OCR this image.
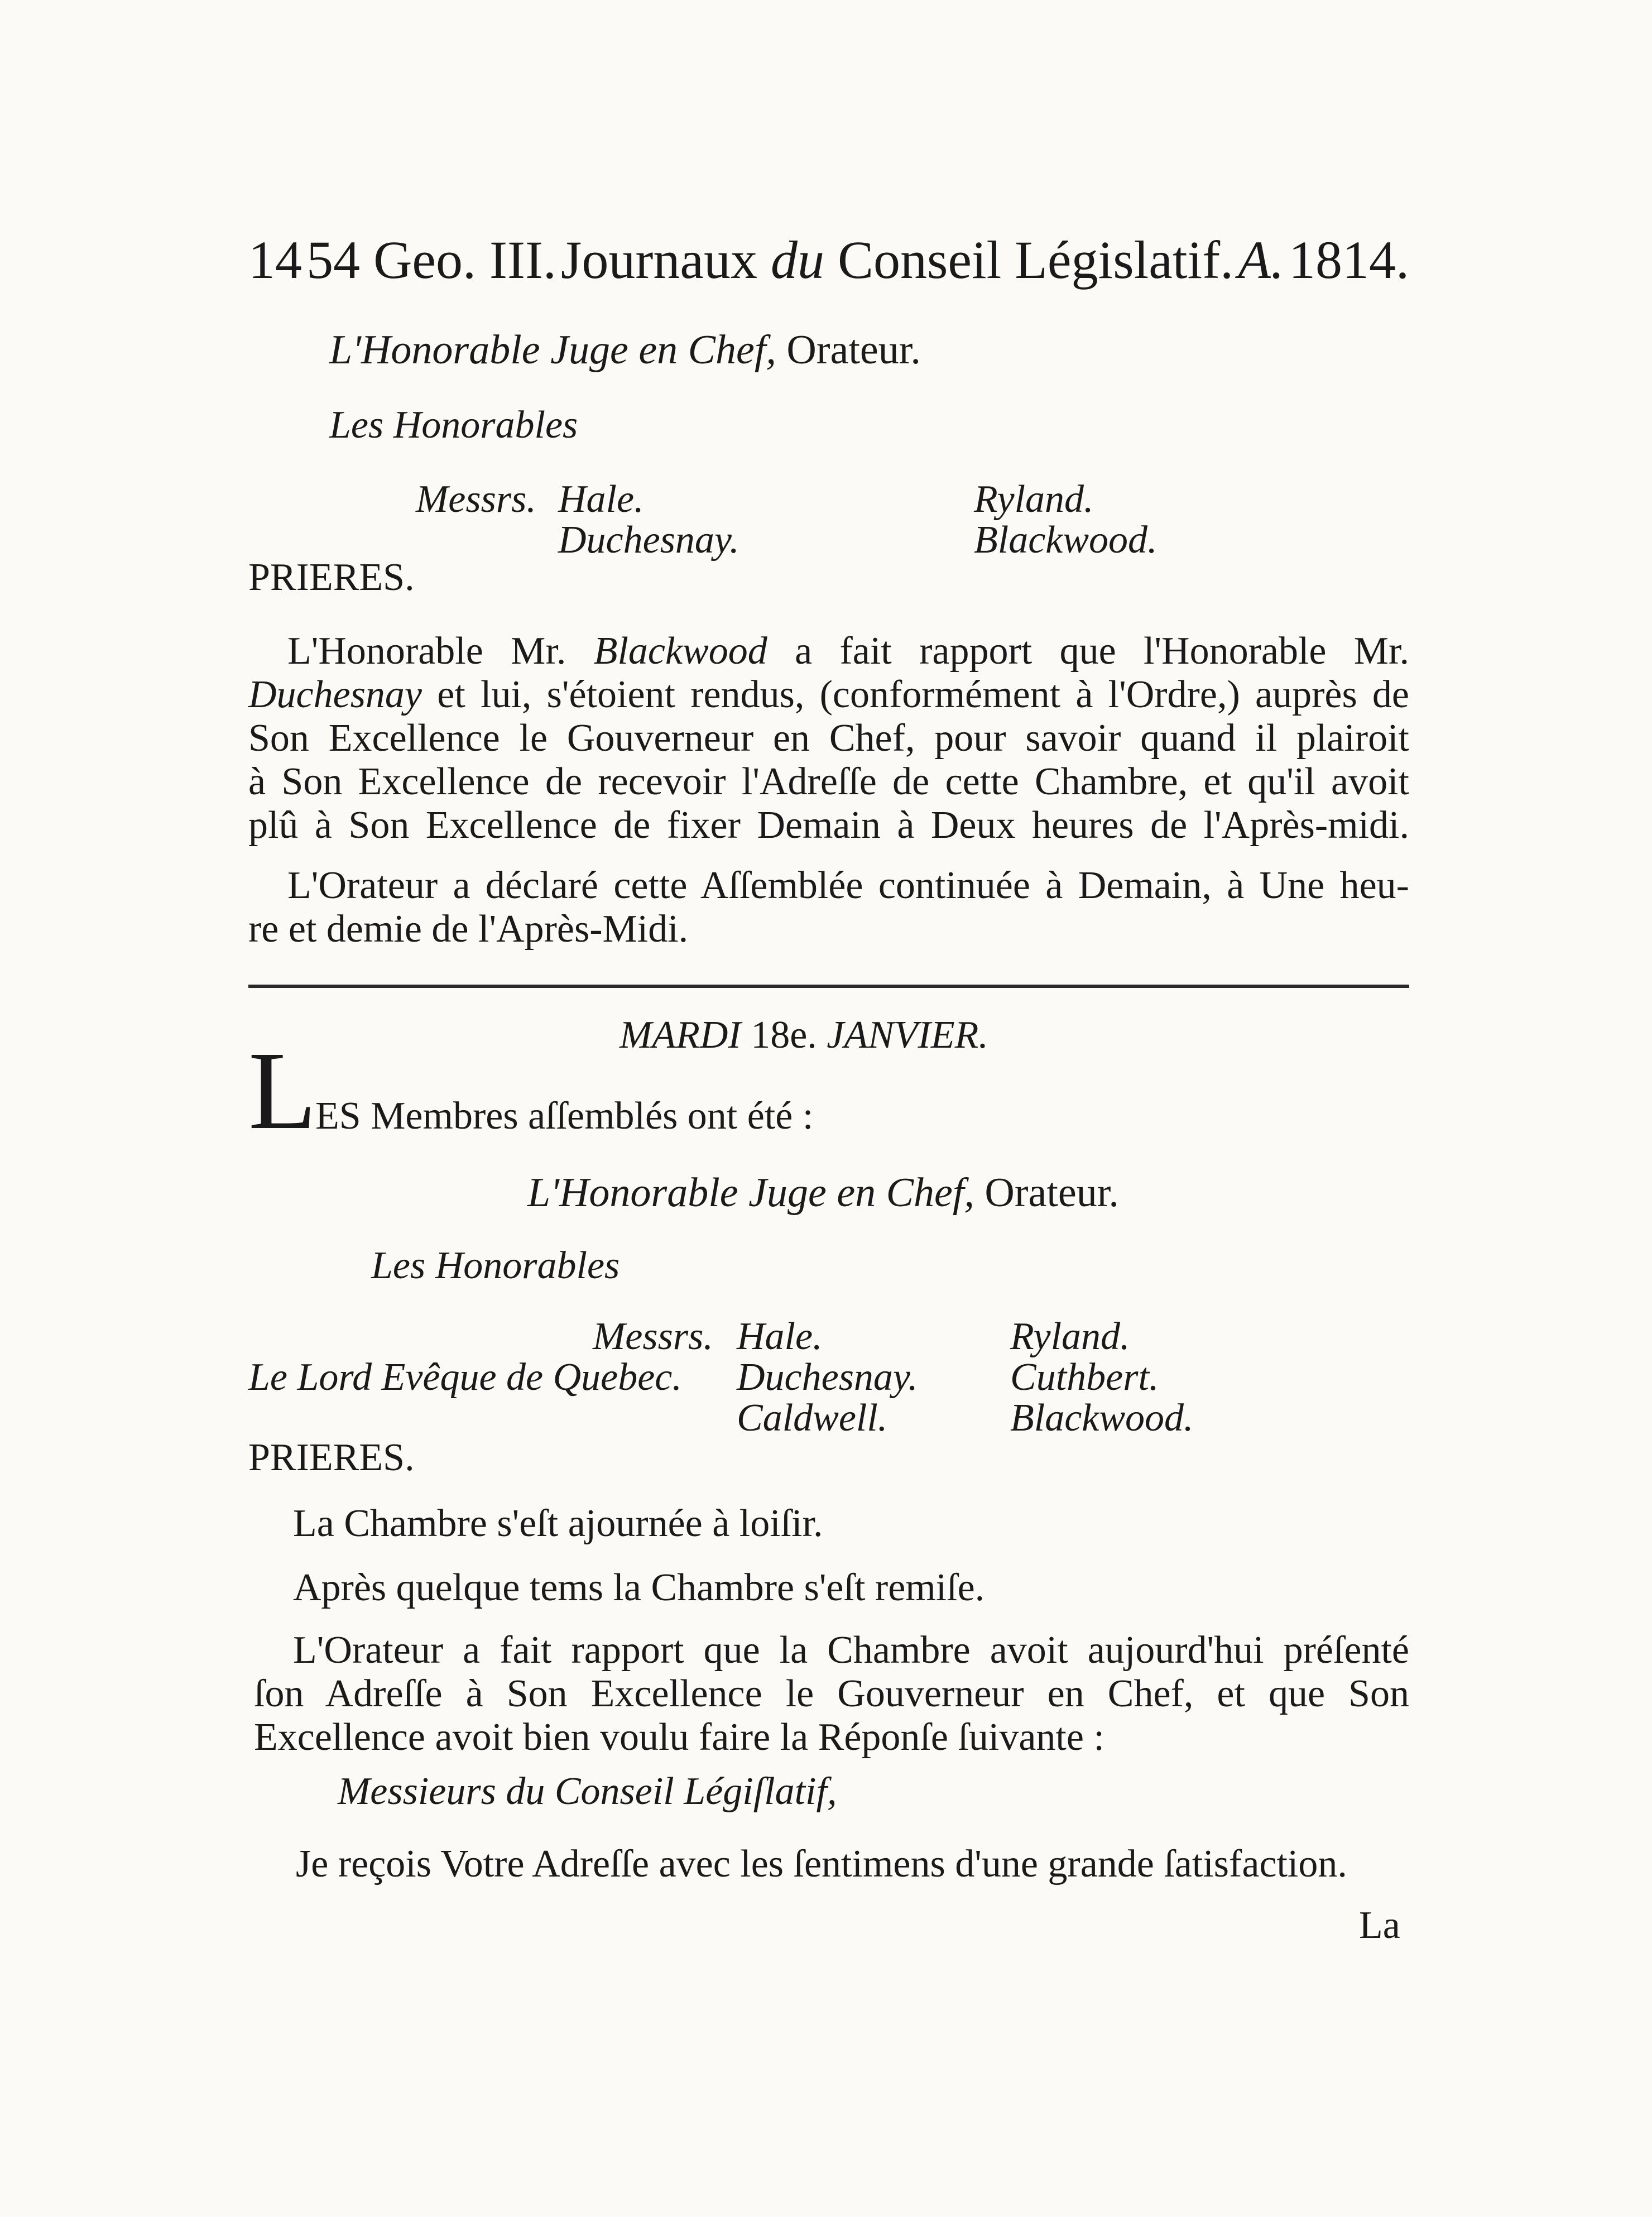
14 54 Geo. III. Journaux du Conseil Législatif. A. 1814.
L'Honorable Juge en Chef, Orateur.
Les Honorables
Messrs. Hale.
Duchesnay.
Ryland.
Blackwood.
PRIERES.
L'Honorable Mr. Blackwood a fait rapport que l'Honorable Mr.
Duchesnay et lui, s'étoient rendus, (conformément à l'Ordre,) auprès de
Son Excellence le Gouverneur en Chef, pour savoir quand il plairoit
à Son Excellence de recevoir l'Adreſſe de cette Chambre, et qu'il avoit
plû à Son Excellence de fixer Demain à Deux heures de l'Après-midi.
L'Orateur a déclaré cette Aſſemblée continuée à Demain, à Une heu-
re et demie de l'Après-Midi.
MARDI 18e. JANVIER.
L
ES Membres aſſemblés ont été :
L'Honorable Juge en Chef, Orateur.
Les Honorables
Messrs.
Le Lord Evêque de Quebec.
Hale.
Duchesnay.
Caldwell.
Ryland.
Cuthbert.
Blackwood.
PRIERES.
La Chambre s'eſt ajournée à loiſir.
Après quelque tems la Chambre s'eſt remiſe.
L'Orateur a fait rapport que la Chambre avoit aujourd'hui préſenté
ſon Adreſſe à Son Excellence le Gouverneur en Chef, et que Son
Excellence avoit bien voulu faire la Réponſe ſuivante :
Messieurs du Conseil Légiſlatif,
Je reçois Votre Adreſſe avec les ſentimens d'une grande ſatisfaction.
La
